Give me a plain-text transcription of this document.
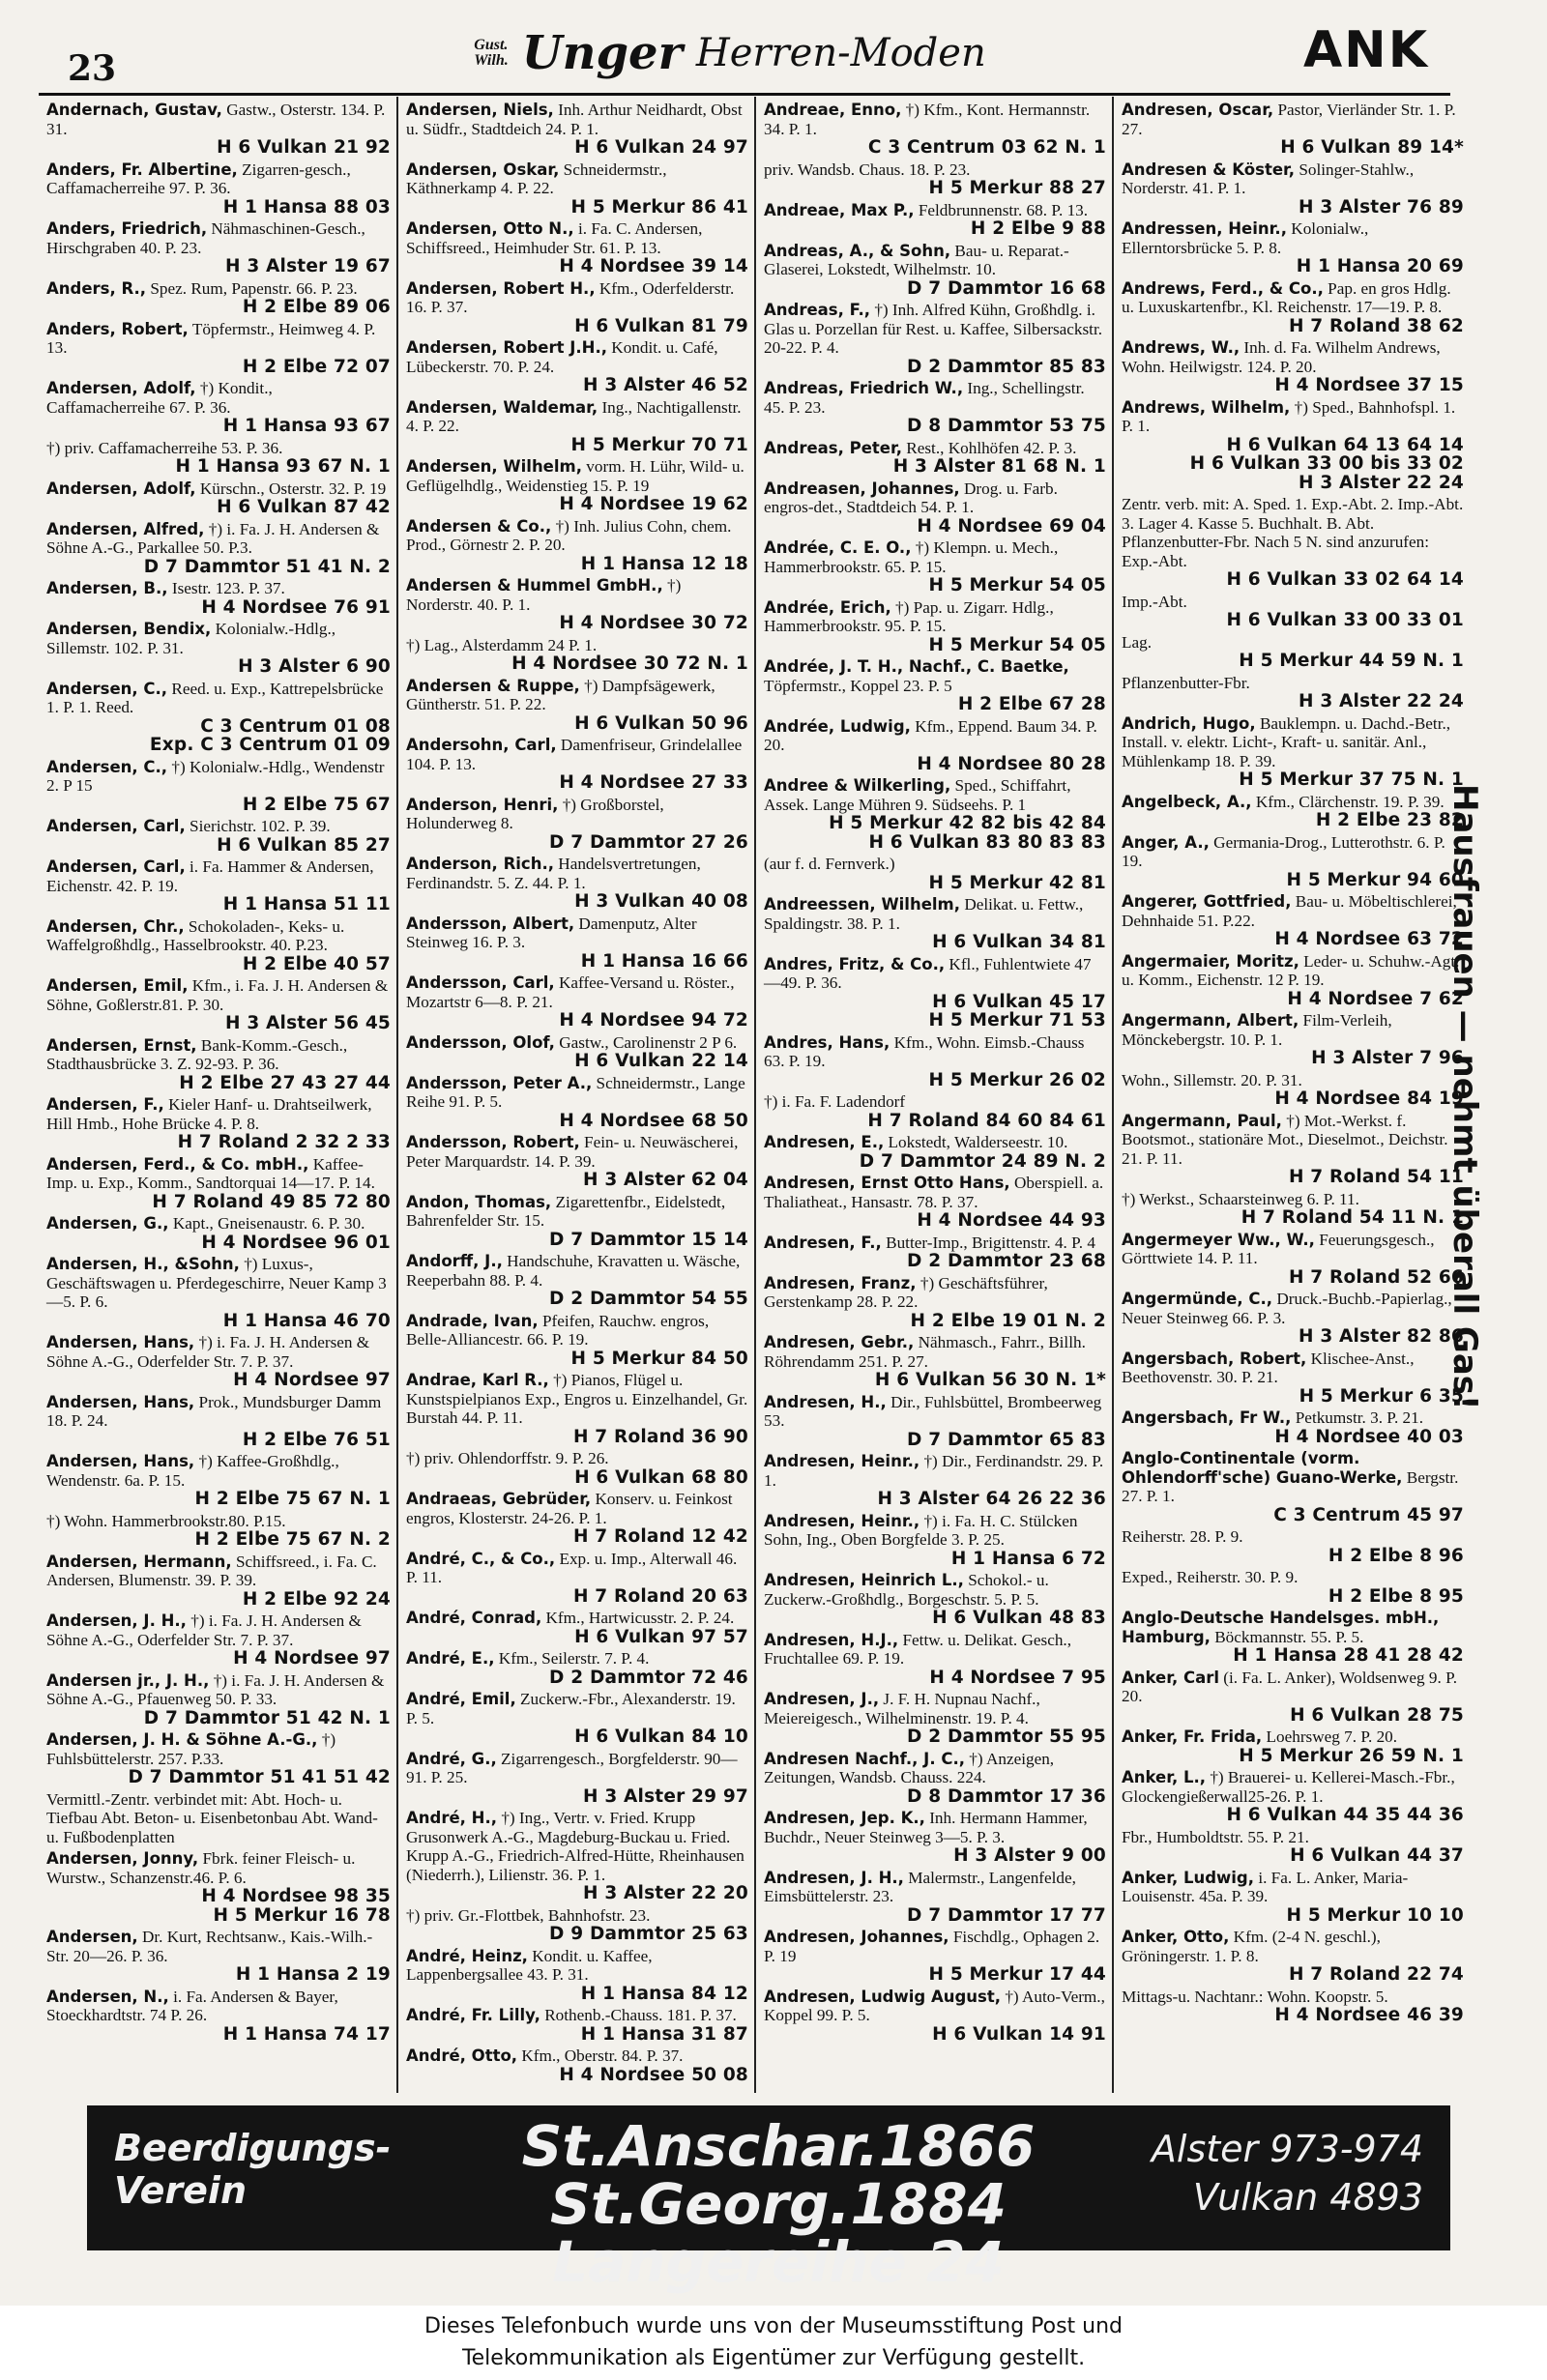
23
Gust.
Wilh. Unger Herren-Moden	ANK
Andernach, Gustav, Gastw., Osterstr. 134. P. 31.
H 6 Vulkan 21 92
Anders, Fr. Albertine, Zigarren-gesch., Caffamacherreihe 97. P. 36.
H 1 Hansa 88 03
Anders, Friedrich, Nähmaschinen-Gesch., Hirschgraben 40. P. 23.
H 3 Alster 19 67
Anders, R., Spez. Rum, Papenstr. 66. P. 23.
H 2 Elbe 89 06
Anders, Robert, Töpfermstr., Heimweg 4. P. 13.
H 2 Elbe 72 07
Andersen, Adolf, †) Kondit., Caffamacherreihe 67. P. 36.
H 1 Hansa 93 67
†) priv. Caffamacherreihe 53. P. 36.
H 1 Hansa 93 67 N. 1
Andersen, Adolf, Kürschn., Osterstr. 32. P. 19
H 6 Vulkan 87 42
Andersen, Alfred, †) i. Fa. J. H. Andersen & Söhne A.-G., Parkallee 50. P.3.
D 7 Dammtor 51 41 N. 2
Andersen, B., Isestr. 123. P. 37.
H 4 Nordsee 76 91
Andersen, Bendix, Kolonialw.-Hdlg., Sillemstr. 102. P. 31.
H 3 Alster 6 90
Andersen, C., Reed. u. Exp., Kattrepelsbrücke 1. P. 1. Reed.
C 3 Centrum 01 08
Exp. C 3 Centrum 01 09
Andersen, C., †) Kolonialw.-Hdlg., Wendenstr 2. P 15
H 2 Elbe 75 67
Andersen, Carl, Sierichstr. 102. P. 39.
H 6 Vulkan 85 27
Andersen, Carl, i. Fa. Hammer & Andersen, Eichenstr. 42. P. 19.
H 1 Hansa 51 11
Andersen, Chr., Schokoladen-, Keks- u. Waffelgroßhdlg., Hasselbrookstr. 40. P.23.
H 2 Elbe 40 57
Andersen, Emil, Kfm., i. Fa. J. H. Andersen & Söhne, Goßlerstr.81. P. 30.
H 3 Alster 56 45
Andersen, Ernst, Bank-Komm.-Gesch., Stadthausbrücke 3. Z. 92-93. P. 36.
H 2 Elbe 27 43 27 44
Andersen, F., Kieler Hanf- u. Drahtseilwerk, Hill Hmb., Hohe Brücke 4. P. 8.
H 7 Roland 2 32 2 33
Andersen, Ferd., & Co. mbH., Kaffee-Imp. u. Exp., Komm., Sandtorquai 14—17. P. 14.
H 7 Roland 49 85 72 80
Andersen, G., Kapt., Gneisenaustr. 6. P. 30.
H 4 Nordsee 96 01
Andersen, H., &Sohn, †) Luxus-, Geschäftswagen u. Pferdegeschirre, Neuer Kamp 3—5. P. 6.
H 1 Hansa 46 70
Andersen, Hans, †) i. Fa. J. H. Andersen & Söhne A.-G., Oderfelder Str. 7. P. 37.
H 4 Nordsee 97
Andersen, Hans, Prok., Mundsburger Damm 18. P. 24.
H 2 Elbe 76 51
Andersen, Hans, †) Kaffee-Großhdlg., Wendenstr. 6a. P. 15.
H 2 Elbe 75 67 N. 1
†) Wohn. Hammerbrookstr.80. P.15.
H 2 Elbe 75 67 N. 2
Andersen, Hermann, Schiffsreed., i. Fa. C. Andersen, Blumenstr. 39. P. 39.
H 2 Elbe 92 24
Andersen, J. H., †) i. Fa. J. H. Andersen & Söhne A.-G., Oderfelder Str. 7. P. 37.
H 4 Nordsee 97
Andersen jr., J. H., †) i. Fa. J. H. Andersen & Söhne A.-G., Pfauenweg 50. P. 33.
D 7 Dammtor 51 42 N. 1
Andersen, J. H. & Söhne A.-G., †) Fuhlsbüttelerstr. 257. P.33.
D 7 Dammtor 51 41 51 42
Vermittl.-Zentr. verbindet mit: Abt. Hoch- u. Tiefbau Abt. Beton- u. Eisenbetonbau Abt. Wand- u. Fußbodenplatten
Andersen, Jonny, Fbrk. feiner Fleisch- u. Wurstw., Schanzenstr.46. P. 6.
H 4 Nordsee 98 35
H 5 Merkur 16 78
Andersen, Dr. Kurt, Rechtsanw., Kais.-Wilh.-Str. 20—26. P. 36.
H 1 Hansa 2 19
Andersen, N., i. Fa. Andersen & Bayer, Stoeckhardtstr. 74 P. 26.
H 1 Hansa 74 17
Andersen, Niels, Inh. Arthur Neidhardt, Obst u. Südfr., Stadtdeich 24. P. 1.
H 6 Vulkan 24 97
Andersen, Oskar, Schneidermstr., Käthnerkamp 4. P. 22.
H 5 Merkur 86 41
Andersen, Otto N., i. Fa. C. Andersen, Schiffsreed., Heimhuder Str. 61. P. 13.
H 4 Nordsee 39 14
Andersen, Robert H., Kfm., Oderfelderstr. 16. P. 37.
H 6 Vulkan 81 79
Andersen, Robert J.H., Kondit. u. Café, Lübeckerstr. 70. P. 24.
H 3 Alster 46 52
Andersen, Waldemar, Ing., Nachtigallenstr. 4. P. 22.
H 5 Merkur 70 71
Andersen, Wilhelm, vorm. H. Lühr, Wild- u. Geflügelhdlg., Weidenstieg 15. P. 19
H 4 Nordsee 19 62
Andersen & Co., †) Inh. Julius Cohn, chem. Prod., Görnestr 2. P. 20.
H 1 Hansa 12 18
Andersen & Hummel GmbH., †) Norderstr. 40. P. 1.
H 4 Nordsee 30 72
†) Lag., Alsterdamm 24 P. 1.
H 4 Nordsee 30 72 N. 1
Andersen & Ruppe, †) Dampfsägewerk, Güntherstr. 51. P. 22.
H 6 Vulkan 50 96
Andersohn, Carl, Damenfriseur, Grindelallee 104. P. 13.
H 4 Nordsee 27 33
Anderson, Henri, †) Großborstel, Holunderweg 8.
D 7 Dammtor 27 26
Anderson, Rich., Handelsvertretungen, Ferdinandstr. 5. Z. 44. P. 1.
H 3 Vulkan 40 08
Andersson, Albert, Damenputz, Alter Steinweg 16. P. 3.
H 1 Hansa 16 66
Andersson, Carl, Kaffee-Versand u. Röster., Mozartstr 6—8. P. 21.
H 4 Nordsee 94 72
Andersson, Olof, Gastw., Carolinenstr 2 P 6.
H 6 Vulkan 22 14
Andersson, Peter A., Schneidermstr., Lange Reihe 91. P. 5.
H 4 Nordsee 68 50
Andersson, Robert, Fein- u. Neuwäscherei, Peter Marquardstr. 14. P. 39.
H 3 Alster 62 04
Andon, Thomas, Zigarettenfbr., Eidelstedt, Bahrenfelder Str. 15.
D 7 Dammtor 15 14
Andorff, J., Handschuhe, Kravatten u. Wäsche, Reeperbahn 88. P. 4.
D 2 Dammtor 54 55
Andrade, Ivan, Pfeifen, Rauchw. engros, Belle-Alliancestr. 66. P. 19.
H 5 Merkur 84 50
Andrae, Karl R., †) Pianos, Flügel u. Kunstspielpianos Exp., Engros u. Einzelhandel, Gr. Burstah 44. P. 11.
H 7 Roland 36 90
†) priv. Ohlendorffstr. 9. P. 26.
H 6 Vulkan 68 80
Andraeas, Gebrüder, Konserv. u. Feinkost engros, Klosterstr. 24-26. P. 1.
H 7 Roland 12 42
André, C., & Co., Exp. u. Imp., Alterwall 46. P. 11.
H 7 Roland 20 63
André, Conrad, Kfm., Hartwicusstr. 2. P. 24.
H 6 Vulkan 97 57
André, E., Kfm., Seilerstr. 7. P. 4.
D 2 Dammtor 72 46
André, Emil, Zuckerw.-Fbr., Alexanderstr. 19. P. 5.
H 6 Vulkan 84 10
André, G., Zigarrengesch., Borgfelderstr. 90—91. P. 25.
H 3 Alster 29 97
André, H., †) Ing., Vertr. v. Fried. Krupp Grusonwerk A.-G., Magdeburg-Buckau u. Fried. Krupp A.-G., Friedrich-Alfred-Hütte, Rheinhausen (Niederrh.), Lilienstr. 36. P. 1.
H 3 Alster 22 20
†) priv. Gr.-Flottbek, Bahnhofstr. 23.
D 9 Dammtor 25 63
André, Heinz, Kondit. u. Kaffee, Lappenbergsallee 43. P. 31.
H 1 Hansa 84 12
André, Fr. Lilly, Rothenb.-Chauss. 181. P. 37.
H 1 Hansa 31 87
André, Otto, Kfm., Oberstr. 84. P. 37.
H 4 Nordsee 50 08
Andreae, Enno, †) Kfm., Kont. Hermannstr. 34. P. 1.
C 3 Centrum 03 62 N. 1
priv. Wandsb. Chaus. 18. P. 23.
H 5 Merkur 88 27
Andreae, Max P., Feldbrunnenstr. 68. P. 13.
H 2 Elbe 9 88
Andreas, A., & Sohn, Bau- u. Reparat.-Glaserei, Lokstedt, Wilhelmstr. 10.
D 7 Dammtor 16 68
Andreas, F., †) Inh. Alfred Kühn, Großhdlg. i. Glas u. Porzellan für Rest. u. Kaffee, Silbersackstr. 20-22. P. 4.
D 2 Dammtor 85 83
Andreas, Friedrich W., Ing., Schellingstr. 45. P. 23.
D 8 Dammtor 53 75
Andreas, Peter, Rest., Kohlhöfen 42. P. 3.
H 3 Alster 81 68 N. 1
Andreasen, Johannes, Drog. u. Farb. engros-det., Stadtdeich 54. P. 1.
H 4 Nordsee 69 04
Andrée, C. E. O., †) Klempn. u. Mech., Hammerbrookstr. 65. P. 15.
H 5 Merkur 54 05
Andrée, Erich, †) Pap. u. Zigarr. Hdlg., Hammerbrookstr. 95. P. 15.
H 5 Merkur 54 05
Andrée, J. T. H., Nachf., C. Baetke, Töpfermstr., Koppel 23. P. 5
H 2 Elbe 67 28
Andrée, Ludwig, Kfm., Eppend. Baum 34. P. 20.
H 4 Nordsee 80 28
Andree & Wilkerling, Sped., Schiffahrt, Assek. Lange Mühren 9. Südseehs. P. 1
H 5 Merkur 42 82 bis 42 84
H 6 Vulkan 83 80 83 83
(aur f. d. Fernverk.)
H 5 Merkur 42 81
Andreessen, Wilhelm, Delikat. u. Fettw., Spaldingstr. 38. P. 1.
H 6 Vulkan 34 81
Andres, Fritz, & Co., Kfl., Fuhlentwiete 47—49. P. 36.
H 6 Vulkan 45 17
H 5 Merkur 71 53
Andres, Hans, Kfm., Wohn. Eimsb.-Chauss 63. P. 19.
H 5 Merkur 26 02
†) i. Fa. F. Ladendorf
H 7 Roland 84 60 84 61
Andresen, E., Lokstedt, Walderseestr. 10.
D 7 Dammtor 24 89 N. 2
Andresen, Ernst Otto Hans, Oberspiell. a. Thaliatheat., Hansastr. 78. P. 37.
H 4 Nordsee 44 93
Andresen, F., Butter-Imp., Brigittenstr. 4. P. 4
D 2 Dammtor 23 68
Andresen, Franz, †) Geschäftsführer, Gerstenkamp 28. P. 22.
H 2 Elbe 19 01 N. 2
Andresen, Gebr., Nähmasch., Fahrr., Billh. Röhrendamm 251. P. 27.
H 6 Vulkan 56 30 N. 1*
Andresen, H., Dir., Fuhlsbüttel, Brombeerweg 53.
D 7 Dammtor 65 83
Andresen, Heinr., †) Dir., Ferdinandstr. 29. P. 1.
H 3 Alster 64 26 22 36
Andresen, Heinr., †) i. Fa. H. C. Stülcken Sohn, Ing., Oben Borgfelde 3. P. 25.
H 1 Hansa 6 72
Andresen, Heinrich L., Schokol.- u. Zuckerw.-Großhdlg., Borgeschstr. 5. P. 5.
H 6 Vulkan 48 83
Andresen, H.J., Fettw. u. Delikat. Gesch., Fruchtallee 69. P. 19.
H 4 Nordsee 7 95
Andresen, J., J. F. H. Nupnau Nachf., Meiereigesch., Wilhelminenstr. 19. P. 4.
D 2 Dammtor 55 95
Andresen Nachf., J. C., †) Anzeigen, Zeitungen, Wandsb. Chauss. 224.
D 8 Dammtor 17 36
Andresen, Jep. K., Inh. Hermann Hammer, Buchdr., Neuer Steinweg 3—5. P. 3.
H 3 Alster 9 00
Andresen, J. H., Malermstr., Langenfelde, Eimsbüttelerstr. 23.
D 7 Dammtor 17 77
Andresen, Johannes, Fischdlg., Ophagen 2. P. 19
H 5 Merkur 17 44
Andresen, Ludwig August, †) Auto-Verm., Koppel 99. P. 5.
H 6 Vulkan 14 91
Andresen, Oscar, Pastor, Vierländer Str. 1. P. 27.
H 6 Vulkan 89 14*
Andresen & Köster, Solinger-Stahlw., Norderstr. 41. P. 1.
H 3 Alster 76 89
Andressen, Heinr., Kolonialw., Ellerntorsbrücke 5. P. 8.
H 1 Hansa 20 69
Andrews, Ferd., & Co., Pap. en gros Hdlg. u. Luxuskartenfbr., Kl. Reichenstr. 17—19. P. 8.
H 7 Roland 38 62
Andrews, W., Inh. d. Fa. Wilhelm Andrews, Wohn. Heilwigstr. 124. P. 20.
H 4 Nordsee 37 15
Andrews, Wilhelm, †) Sped., Bahnhofspl. 1. P. 1.
H 6 Vulkan 64 13 64 14
H 6 Vulkan 33 00 bis 33 02
H 3 Alster 22 24
Zentr. verb. mit: A. Sped. 1. Exp.-Abt. 2. Imp.-Abt. 3. Lager 4. Kasse 5. Buchhalt. B. Abt. Pflanzenbutter-Fbr. Nach 5 N. sind anzurufen: Exp.-Abt.
H 6 Vulkan 33 02 64 14
Imp.-Abt.
H 6 Vulkan 33 00 33 01
Lag.
H 5 Merkur 44 59 N. 1
Pflanzenbutter-Fbr.
H 3 Alster 22 24
Andrich, Hugo, Bauklempn. u. Dachd.-Betr., Install. v. elektr. Licht-, Kraft- u. sanitär. Anl., Mühlenkamp 18. P. 39.
H 5 Merkur 37 75 N. 1
Angelbeck, A., Kfm., Clärchenstr. 19. P. 39.
H 2 Elbe 23 82
Anger, A., Germania-Drog., Lutterothstr. 6. P. 19.
H 5 Merkur 94 60
Angerer, Gottfried, Bau- u. Möbeltischlerei, Dehnhaide 51. P.22.
H 4 Nordsee 63 72
Angermaier, Moritz, Leder- u. Schuhw.-Agt. u. Komm., Eichenstr. 12 P. 19.
H 4 Nordsee 7 62
Angermann, Albert, Film-Verleih, Mönckebergstr. 10. P. 1.
H 3 Alster 7 96
Wohn., Sillemstr. 20. P. 31.
H 4 Nordsee 84 19
Angermann, Paul, †) Mot.-Werkst. f. Bootsmot., stationäre Mot., Dieselmot., Deichstr. 21. P. 11.
H 7 Roland 54 11
†) Werkst., Schaarsteinweg 6. P. 11.
H 7 Roland 54 11 N. 1
Angermeyer Ww., W., Feuerungsgesch., Görttwiete 14. P. 11.
H 7 Roland 52 66
Angermünde, C., Druck.-Buchb.-Papierlag., Neuer Steinweg 66. P. 3.
H 3 Alster 82 86
Angersbach, Robert, Klischee-Anst., Beethovenstr. 30. P. 21.
H 5 Merkur 6 35
Angersbach, Fr W., Petkumstr. 3. P. 21.
H 4 Nordsee 40 03
Anglo-Continentale (vorm. Ohlendorff'sche) Guano-Werke, Bergstr. 27. P. 1.
C 3 Centrum 45 97
Reiherstr. 28. P. 9.
H 2 Elbe 8 96
Exped., Reiherstr. 30. P. 9.
H 2 Elbe 8 95
Anglo-Deutsche Handelsges. mbH., Hamburg, Böckmannstr. 55. P. 5.
H 1 Hansa 28 41 28 42
Anker, Carl (i. Fa. L. Anker), Woldsenweg 9. P. 20.
H 6 Vulkan 28 75
Anker, Fr. Frida, Loehrsweg 7. P. 20.
H 5 Merkur 26 59 N. 1
Anker, L., †) Brauerei- u. Kellerei-Masch.-Fbr., Glockengießerwall25-26. P. 1.
H 6 Vulkan 44 35 44 36
Fbr., Humboldtstr. 55. P. 21.
H 6 Vulkan 44 37
Anker, Ludwig, i. Fa. L. Anker, Maria-Louisenstr. 45a. P. 39.
H 5 Merkur 10 10
Anker, Otto, Kfm. (2-4 N. geschl.), Gröningerstr. 1. P. 8.
H 7 Roland 22 74
Mittags-u. Nachtanr.: Wohn. Koopstr. 5.
H 4 Nordsee 46 39
Hausfrauen — nehmt überall Gas!
Beerdigungs-
Verein
St.Anschar.1866 St.Georg.1884
Langereihe 24
Alster 973-974
Vulkan 4893
Dieses Telefonbuch wurde uns von der Museumsstiftung Post und
Telekommunikation als Eigentümer zur Verfügung gestellt.
